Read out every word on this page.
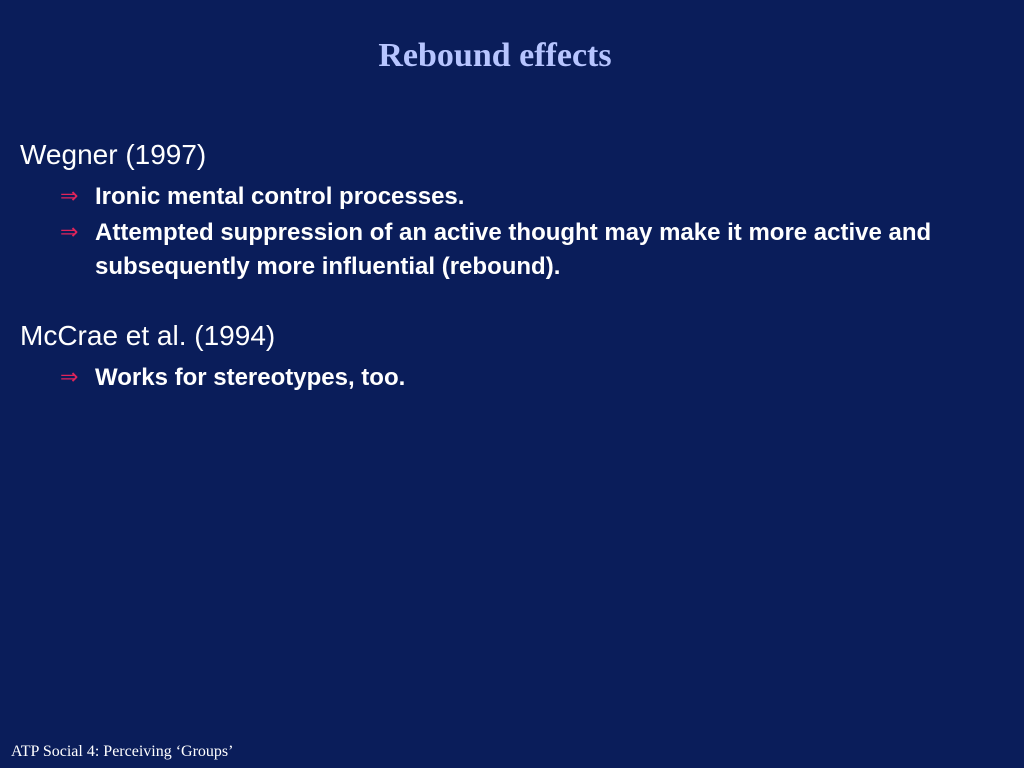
Rebound effects
Wegner (1997)
⇒ Ironic mental control processes.
⇒ Attempted suppression of an active thought may make it more active and subsequently more influential (rebound).
McCrae et al. (1994)
⇒ Works for stereotypes, too.
ATP Social 4: Perceiving ‘Groups’
